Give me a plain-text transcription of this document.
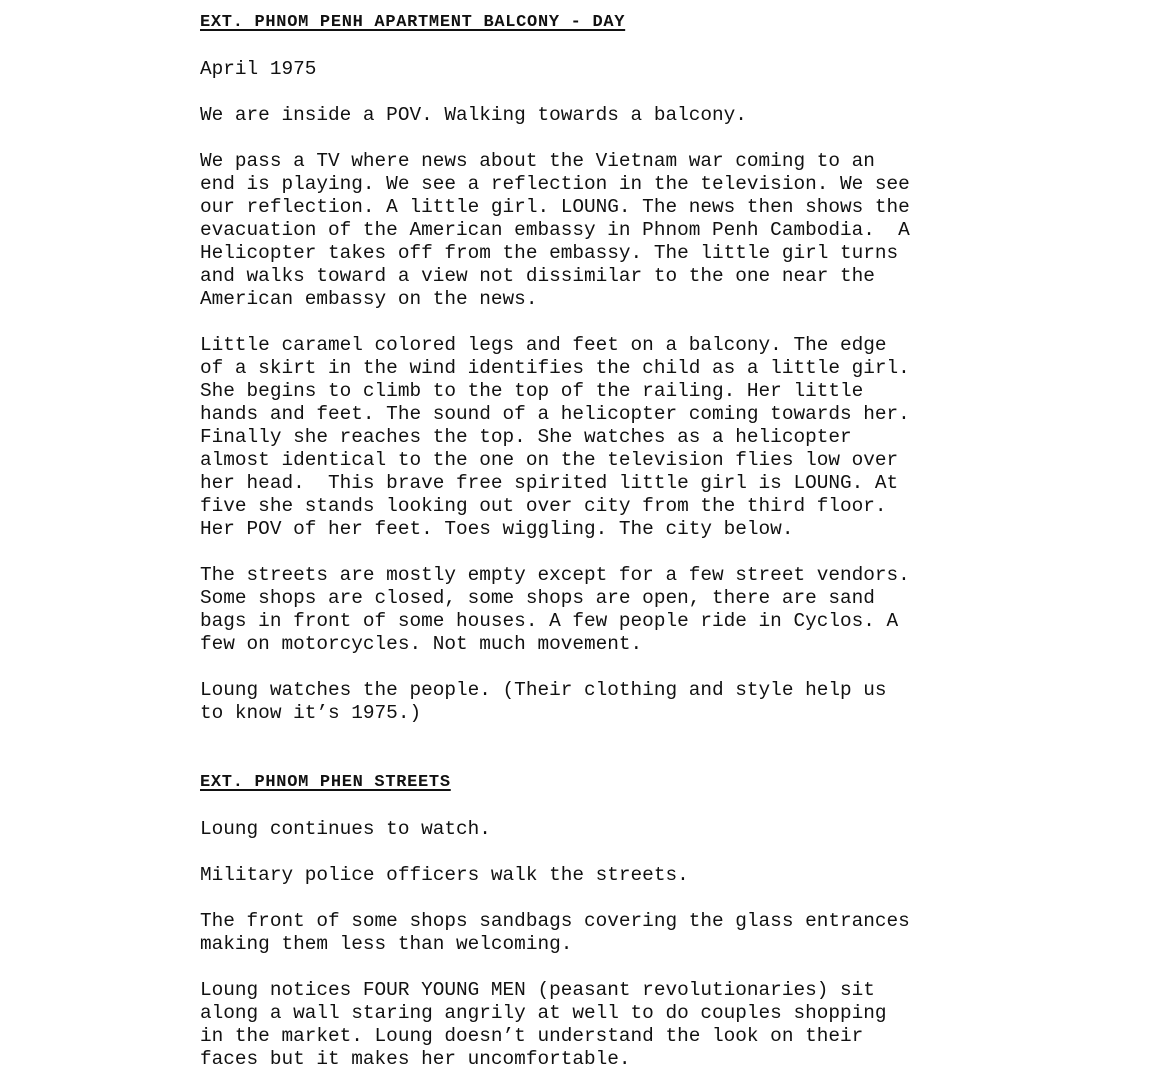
EXT. PHNOM PENH APARTMENT BALCONY - DAY
April 1975
We are inside a POV. Walking towards a balcony.
We pass a TV where news about the Vietnam war coming to an
end is playing. We see a reflection in the television. We see
our reflection. A little girl. LOUNG. The news then shows the
evacuation of the American embassy in Phnom Penh Cambodia.  A
Helicopter takes off from the embassy. The little girl turns
and walks toward a view not dissimilar to the one near the
American embassy on the news.
Little caramel colored legs and feet on a balcony. The edge
of a skirt in the wind identifies the child as a little girl.
She begins to climb to the top of the railing. Her little
hands and feet. The sound of a helicopter coming towards her.
Finally she reaches the top. She watches as a helicopter
almost identical to the one on the television flies low over
her head.  This brave free spirited little girl is LOUNG. At
five she stands looking out over city from the third floor.
Her POV of her feet. Toes wiggling. The city below.
The streets are mostly empty except for a few street vendors.
Some shops are closed, some shops are open, there are sand
bags in front of some houses. A few people ride in Cyclos. A
few on motorcycles. Not much movement.
Loung watches the people. (Their clothing and style help us
to know it’s 1975.)
EXT. PHNOM PHEN STREETS
Loung continues to watch.
Military police officers walk the streets.
The front of some shops sandbags covering the glass entrances
making them less than welcoming.
Loung notices FOUR YOUNG MEN (peasant revolutionaries) sit
along a wall staring angrily at well to do couples shopping
in the market. Loung doesn’t understand the look on their
faces but it makes her uncomfortable.
